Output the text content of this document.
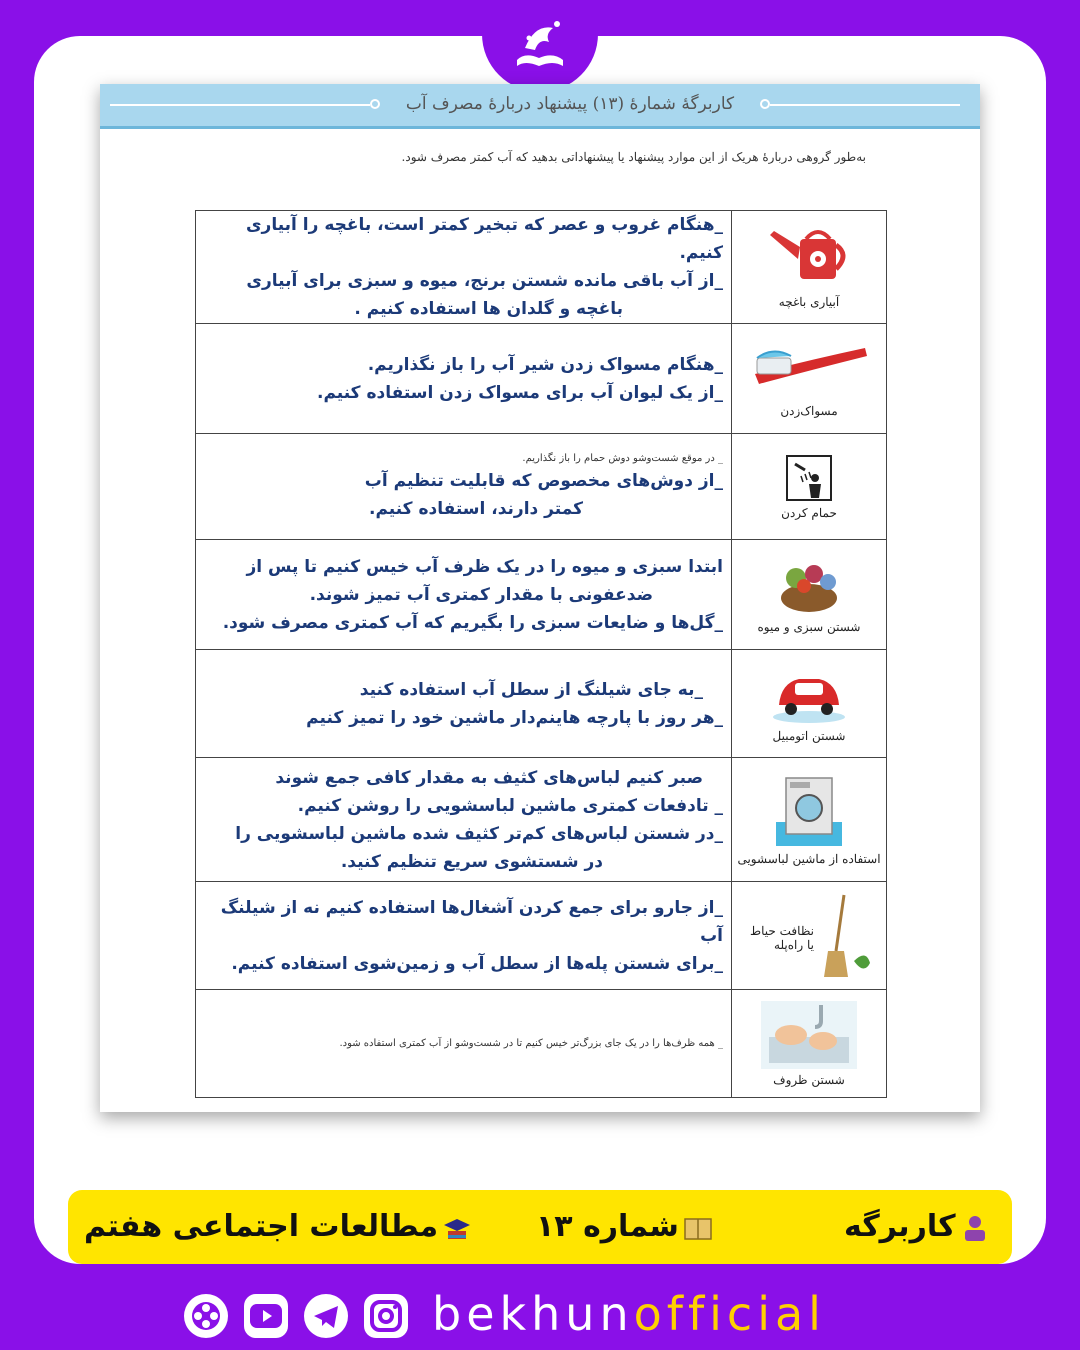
کاربرگهٔ شمارهٔ (۱۳) پیشنهاد دربارهٔ مصرف آب
به‌طور گروهی دربارهٔ هریک از این موارد پیشنهاد یا پیشنهاداتی بدهید که آب کمتر مصرف شود.
_هنگام غروب و عصر که تبخیر کمتر است، باغچه را آبیاری کنیم.
_از آب باقی مانده شستن برنج، میوه و سبزی برای آبیاری
باغچه و گلدان ها استفاده کنیم .	آبیاری باغچه

_هنگام مسواک زدن شیر آب را باز نگذاریم.
_از یک لیوان آب برای مسواک زدن استفاده کنیم.	مسواک‌زدن

_ در موقع شست‌وشو دوش حمام را باز نگذاریم.
_از دوش‌های مخصوص که قابلیت تنظیم آب
کمتر دارند، استفاده کنیم.	حمام کردن

ابتدا سبزی و میوه را در یک ظرف آب خیس کنیم تا پس از
ضدعفونی با مقدار کمتری آب تمیز شوند.
_گل‌ها و ضایعات سبزی را بگیریم که آب کمتری مصرف شود.	شستن سبزی و میوه

_به جای شیلنگ از سطل آب استفاده کنید
_هر روز با پارچه هاینم‌دار ماشین خود را تمیز کنیم	شستن اتومبیل

صبر کنیم لباس‌های کثیف به مقدار کافی جمع شوند
_ تادفعات کمتری ماشین لباسشویی را روشن کنیم.
_در شستن لباس‌های کم‌تر کثیف شده ماشین لباسشویی را
در شستشوی سریع تنظیم کنید.	استفاده از ماشین لباسشویی

_از جارو برای جمع کردن آشغال‌ها استفاده کنیم نه از شیلنگ آب
_برای شستن پله‌ها از سطل آب و زمین‌شوی استفاده کنیم.	نظافت حیاط یا راه‌پله

_ همه ظرف‌ها را در یک جای بزرگ‌تر خیس کنیم تا در شست‌وشو از آب کمتری استفاده شود.	شستن ظروف
مطالعات اجتماعی هفتم	شماره ۱۳	کاربرگه
bekhunofficial
